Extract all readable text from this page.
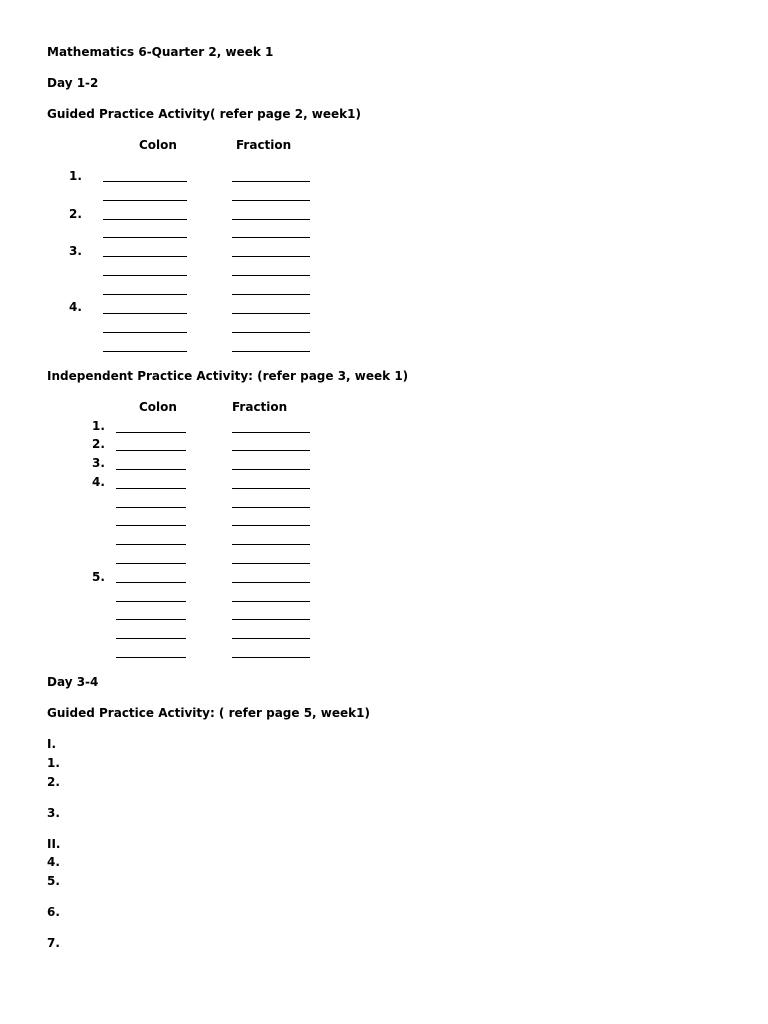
Mathematics 6-Quarter 2, week 1
Day 1-2
Guided Practice Activity( refer page 2, week1)
Colon	Fraction
1.
2.
3.
4.
Independent Practice Activity: (refer page 3, week 1)
Colon	Fraction
1.
2.
3.
4.
5.
Day 3-4
Guided Practice Activity: ( refer page 5, week1)
I.
1.
2.
3.
II.
4.
5.
6.
7.
